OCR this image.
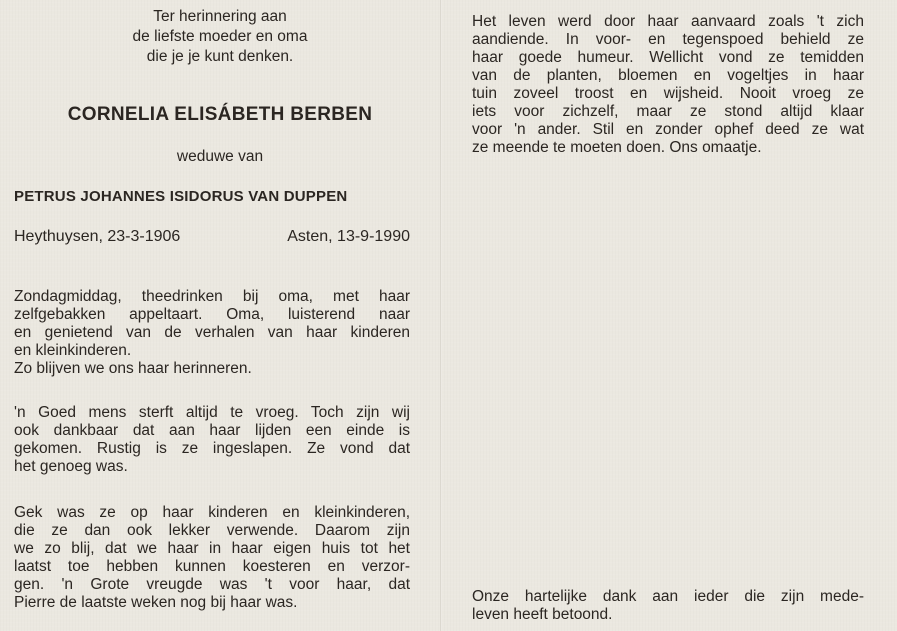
Ter herinnering aan
de liefste moeder en oma
die je je kunt denken.
CORNELIA ELISÁBETH BERBEN
weduwe van
PETRUS JOHANNES ISIDORUS VAN DUPPEN
Heythuysen, 23-3-1906	Asten, 13-9-1990

Zondagmiddag, theedrinken bij oma, met haar
zelfgebakken appeltaart. Oma, luisterend naar
en genietend van de verhalen van haar kinderen
en kleinkinderen.
Zo blijven we ons haar herinneren.

'n Goed mens sterft altijd te vroeg. Toch zijn wij
ook dankbaar dat aan haar lijden een einde is
gekomen. Rustig is ze ingeslapen. Ze vond dat
het genoeg was.

Gek was ze op haar kinderen en kleinkinderen,
die ze dan ook lekker verwende. Daarom zijn
we zo blij, dat we haar in haar eigen huis tot het
laatst toe hebben kunnen koesteren en verzor-
gen. 'n Grote vreugde was 't voor haar, dat
Pierre de laatste weken nog bij haar was.

Het leven werd door haar aanvaard zoals 't zich
aandiende. In voor- en tegenspoed behield ze
haar goede humeur. Wellicht vond ze temidden
van de planten, bloemen en vogeltjes in haar
tuin zoveel troost en wijsheid. Nooit vroeg ze
iets voor zichzelf, maar ze stond altijd klaar
voor 'n ander. Stil en zonder ophef deed ze wat
ze meende te moeten doen. Ons omaatje.

Onze hartelijke dank aan ieder die zijn mede-
leven heeft betoond.
